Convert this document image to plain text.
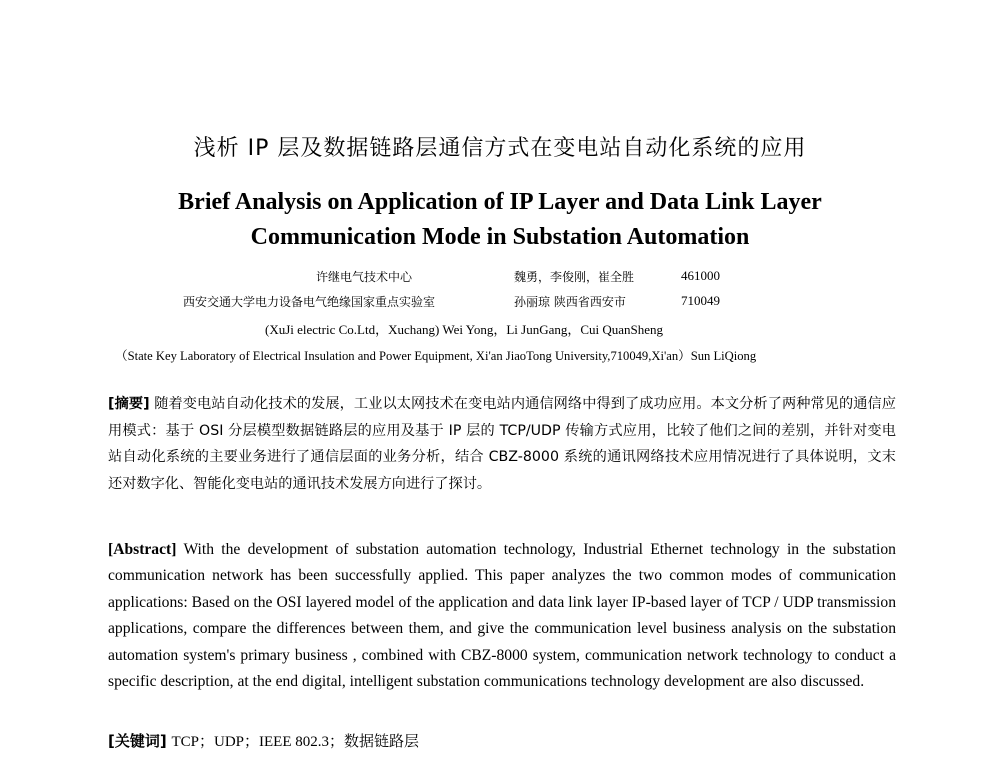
浅析 IP 层及数据链路层通信方式在变电站自动化系统的应用
Brief Analysis on Application of IP Layer and Data Link Layer
Communication Mode in Substation Automation
许继电气技术中心	魏勇，李俊刚，崔全胜	461000
西安交通大学电力设备电气绝缘国家重点实验室	孙丽琼 陕西省西安市	710049
(XuJi electric Co.Ltd，Xuchang) Wei Yong，Li JunGang，Cui QuanSheng
（State Key Laboratory of Electrical Insulation and Power Equipment, Xi'an JiaoTong University,710049,Xi'an）Sun LiQiong
[摘要] 随着变电站自动化技术的发展，工业以太网技术在变电站内通信网络中得到了成功应用。本文分析了两种常见的通信应用模式：基于 OSI 分层模型数据链路层的应用及基于 IP 层的 TCP/UDP 传输方式应用，比较了他们之间的差别，并针对变电站自动化系统的主要业务进行了通信层面的业务分析，结合 CBZ-8000 系统的通讯网络技术应用情况进行了具体说明，文末还对数字化、智能化变电站的通讯技术发展方向进行了探讨。
[Abstract] With the development of substation automation technology, Industrial Ethernet technology in the substation communication network has been successfully applied. This paper analyzes the two common modes of communication applications: Based on the OSI layered model of the application and data link layer IP-based layer of TCP / UDP transmission applications, compare the differences between them, and give the communication level business analysis on the substation automation system's primary business , combined with CBZ-8000 system, communication network technology to conduct a specific description, at the end digital, intelligent substation communications technology development are also discussed.
[关键词] TCP；UDP；IEEE 802.3；数据链路层
